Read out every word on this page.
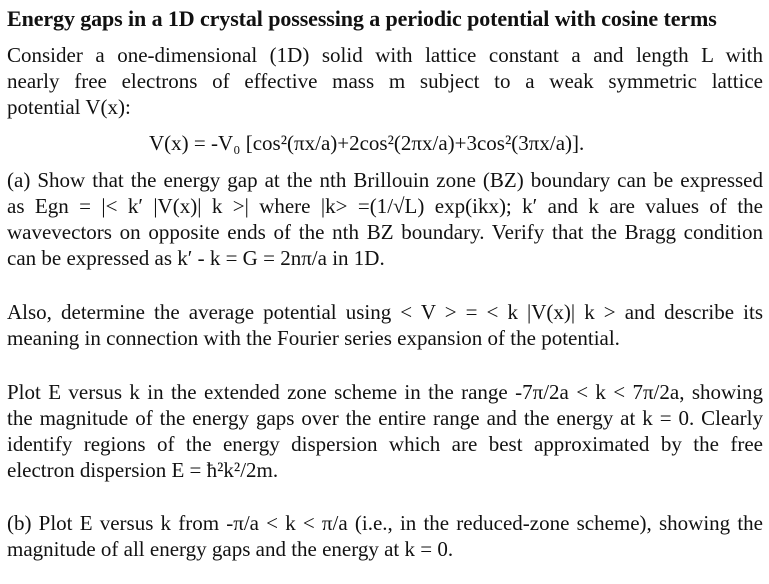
Energy gaps in a 1D crystal possessing a periodic potential with cosine terms

Consider a one-dimensional (1D) solid with lattice constant a and length L with
nearly free electrons of effective mass m subject to a weak symmetric lattice
potential V(x):

V(x) = -V₀ [cos²(πx/a)+2cos²(2πx/a)+3cos²(3πx/a)].

(a) Show that the energy gap at the nth Brillouin zone (BZ) boundary can be expressed
as Egn = |< k′ |V(x)| k >| where |k> =(1/√L) exp(ikx); k′ and k are values of the
wavevectors on opposite ends of the nth BZ boundary. Verify that the Bragg condition
can be expressed as k′ - k = G = 2nπ/a in 1D.

Also, determine the average potential using < V > = < k |V(x)| k > and describe its
meaning in connection with the Fourier series expansion of the potential.

Plot E versus k in the extended zone scheme in the range -7π/2a < k < 7π/2a, showing
the magnitude of the energy gaps over the entire range and the energy at k = 0. Clearly
identify regions of the energy dispersion which are best approximated by the free
electron dispersion E = ħ²k²/2m.

(b) Plot E versus k from -π/a < k < π/a (i.e., in the reduced-zone scheme), showing the
magnitude of all energy gaps and the energy at k = 0.
